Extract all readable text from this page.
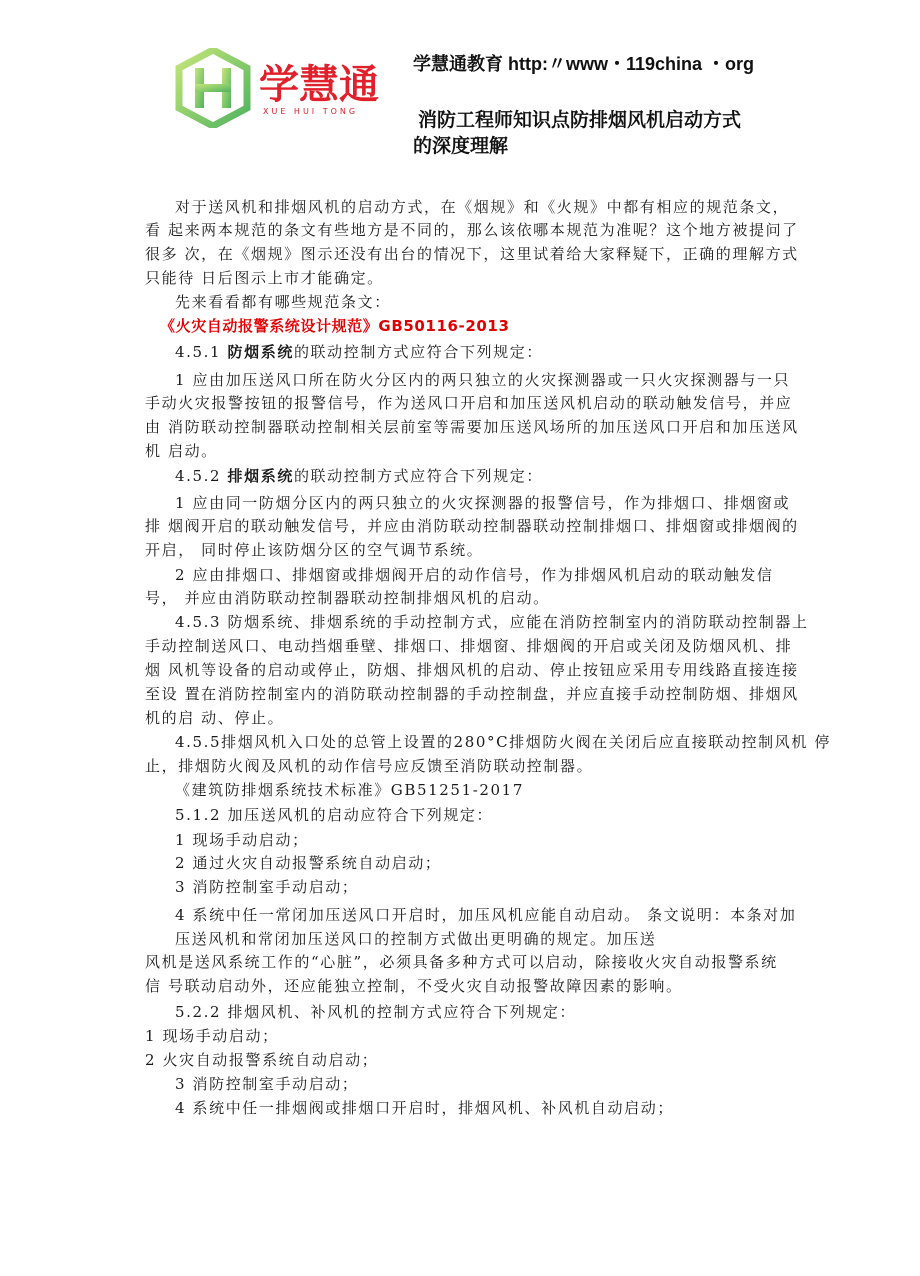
学慧通
XUE HUI TONG
学慧通教育 http:〃www・119china ・org
消防工程师知识点防排烟风机启动方式
的深度理解
对于送风机和排烟风机的启动方式，在《烟规》和《火规》中都有相应的规范条文，
看 起来两本规范的条文有些地方是不同的，那么该依哪本规范为准呢？这个地方被提问了
很多 次，在《烟规》图示还没有出台的情况下，这里试着给大家释疑下，正确的理解方式
只能待 日后图示上市才能确定。
先来看看都有哪些规范条文：
《火灾自动报警系统设计规范》GB50116-2013
4.5.1 防烟系统的联动控制方式应符合下列规定：
1 应由加压送风口所在防火分区内的两只独立的火灾探测器或一只火灾探测器与一只
手动火灾报警按钮的报警信号，作为送风口开启和加压送风机启动的联动触发信号，并应
由 消防联动控制器联动控制相关层前室等需要加压送风场所的加压送风口开启和加压送风
机 启动。
4.5.2 排烟系统的联动控制方式应符合下列规定：
1 应由同一防烟分区内的两只独立的火灾探测器的报警信号，作为排烟口、排烟窗或
排 烟阀开启的联动触发信号，并应由消防联动控制器联动控制排烟口、排烟窗或排烟阀的
开启， 同时停止该防烟分区的空气调节系统。
2 应由排烟口、排烟窗或排烟阀开启的动作信号，作为排烟风机启动的联动触发信
号， 并应由消防联动控制器联动控制排烟风机的启动。
4.5.3 防烟系统、排烟系统的手动控制方式，应能在消防控制室内的消防联动控制器上
手动控制送风口、电动挡烟垂壁、排烟口、排烟窗、排烟阀的开启或关闭及防烟风机、排
烟 风机等设备的启动或停止，防烟、排烟风机的启动、停止按钮应采用专用线路直接连接
至设 置在消防控制室内的消防联动控制器的手动控制盘，并应直接手动控制防烟、排烟风
机的启 动、停止。
4.5.5排烟风机入口处的总管上设置的280°C排烟防火阀在关闭后应直接联动控制风机 停
止，排烟防火阀及风机的动作信号应反馈至消防联动控制器。
《建筑防排烟系统技术标准》GB51251-2017
5.1.2 加压送风机的启动应符合下列规定：
1 现场手动启动；
2 通过火灾自动报警系统自动启动；
3 消防控制室手动启动；
4 系统中任一常闭加压送风口开启时，加压风机应能自动启动。 条文说明：本条对加
压送风机和常闭加压送风口的控制方式做出更明确的规定。加压送
风机是送风系统工作的“心脏”，必须具备多种方式可以启动，除接收火灾自动报警系统
信 号联动启动外，还应能独立控制，不受火灾自动报警故障因素的影响。
5.2.2 排烟风机、补风机的控制方式应符合下列规定：
1 现场手动启动；
2 火灾自动报警系统自动启动；
3 消防控制室手动启动；
4 系统中任一排烟阀或排烟口开启时，排烟风机、补风机自动启动；
